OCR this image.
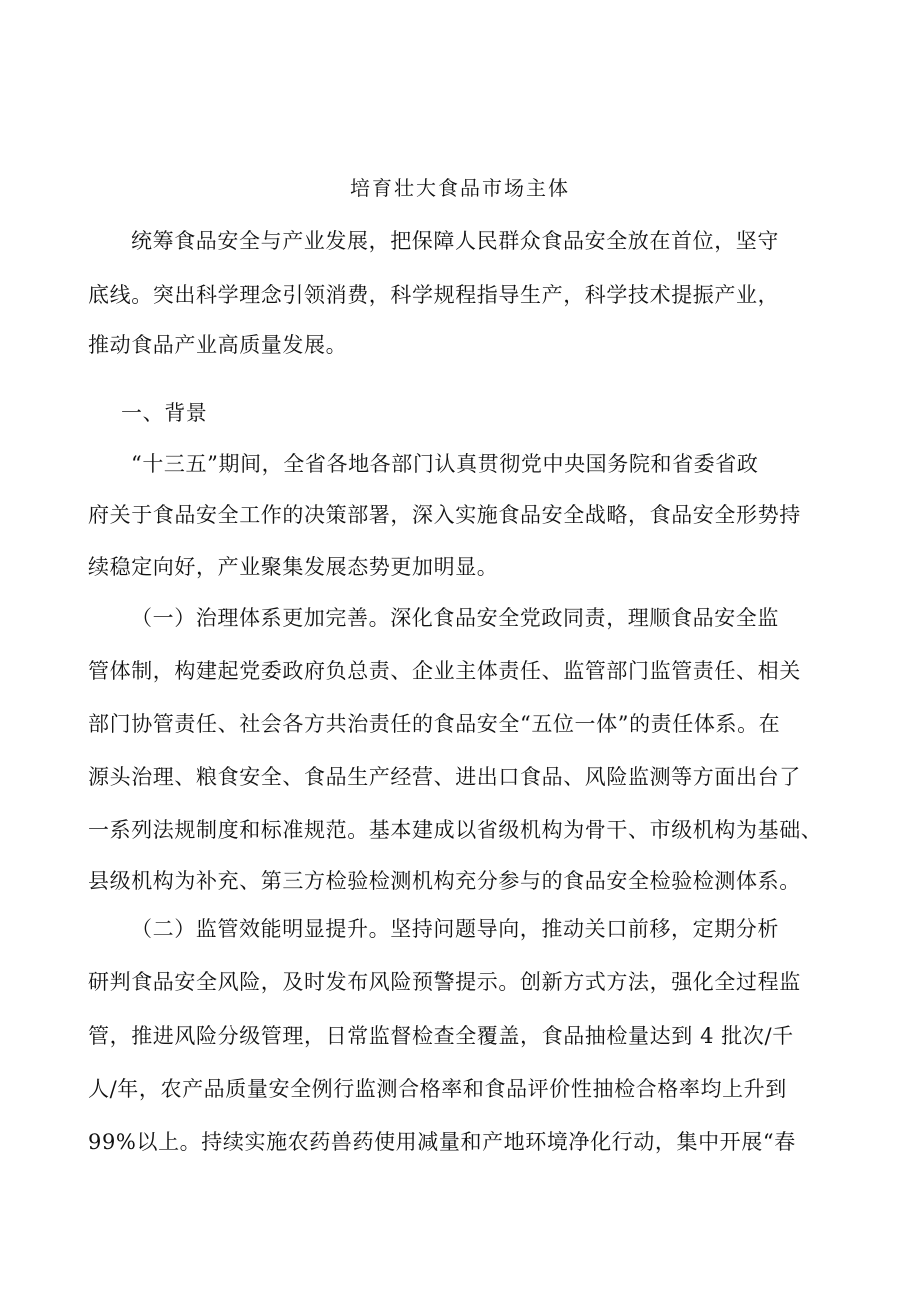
培育壮大食品市场主体
统筹食品安全与产业发展，把保障人民群众食品安全放在首位，坚守
底线。突出科学理念引领消费，科学规程指导生产，科学技术提振产业，
推动食品产业高质量发展。
一、背景
“十三五”期间，全省各地各部门认真贯彻党中央国务院和省委省政
府关于食品安全工作的决策部署，深入实施食品安全战略，食品安全形势持
续稳定向好，产业聚集发展态势更加明显。
（一）治理体系更加完善。深化食品安全党政同责，理顺食品安全监
管体制，构建起党委政府负总责、企业主体责任、监管部门监管责任、相关
部门协管责任、社会各方共治责任的食品安全“五位一体”的责任体系。在
源头治理、粮食安全、食品生产经营、进出口食品、风险监测等方面出台了
一系列法规制度和标准规范。基本建成以省级机构为骨干、市级机构为基础、
县级机构为补充、第三方检验检测机构充分参与的食品安全检验检测体系。
（二）监管效能明显提升。坚持问题导向，推动关口前移，定期分析
研判食品安全风险，及时发布风险预警提示。创新方式方法，强化全过程监
管，推进风险分级管理，日常监督检查全覆盖，食品抽检量达到 4 批次/千
人/年，农产品质量安全例行监测合格率和食品评价性抽检合格率均上升到
99%以上。持续实施农药兽药使用减量和产地环境净化行动，集中开展“春
